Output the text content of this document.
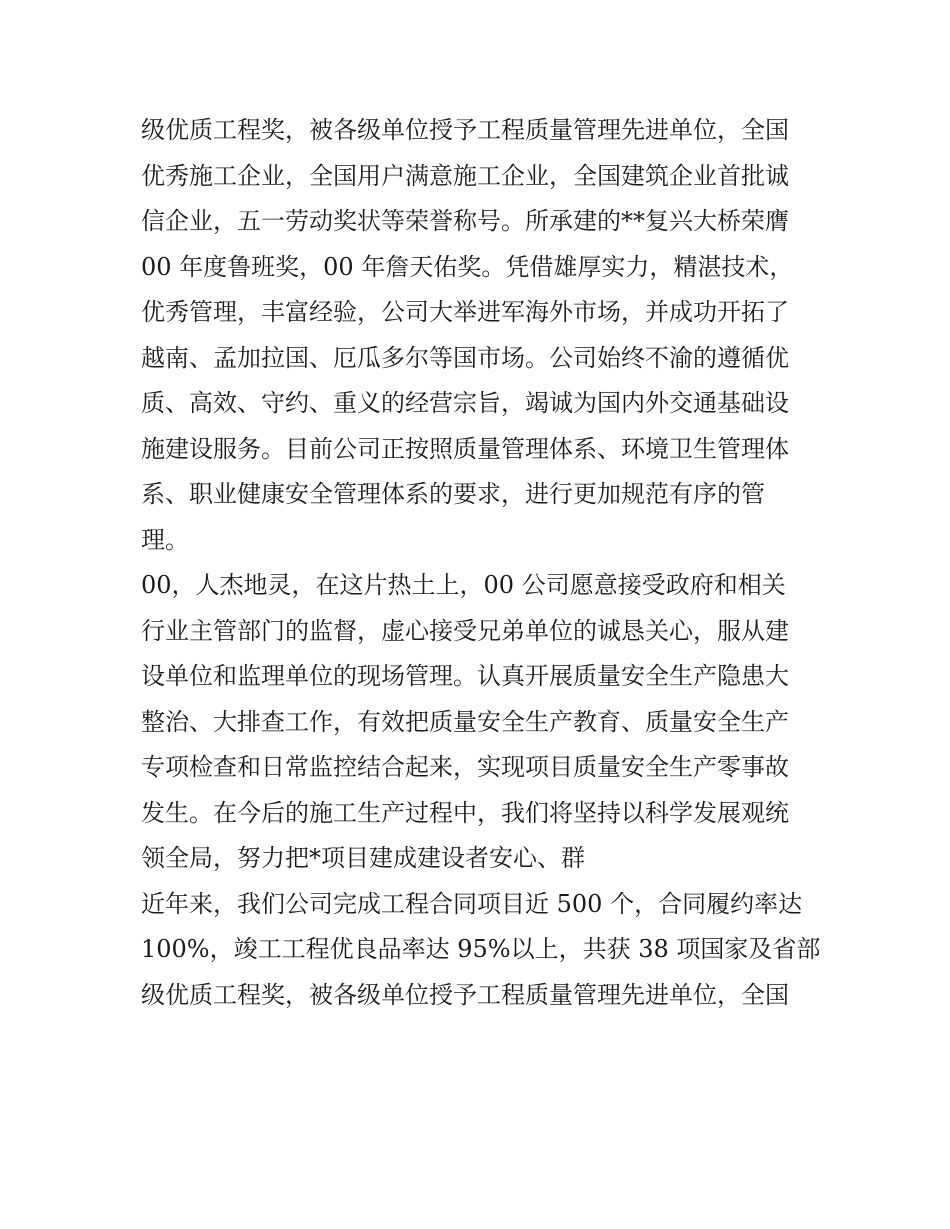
级优质工程奖，被各级单位授予工程质量管理先进单位，全国
优秀施工企业，全国用户满意施工企业，全国建筑企业首批诚
信企业，五一劳动奖状等荣誉称号。所承建的**复兴大桥荣膺
00 年度鲁班奖，00 年詹天佑奖。凭借雄厚实力，精湛技术，
优秀管理，丰富经验，公司大举进军海外市场，并成功开拓了
越南、孟加拉国、厄瓜多尔等国市场。公司始终不渝的遵循优
质、高效、守约、重义的经营宗旨，竭诚为国内外交通基础设
施建设服务。目前公司正按照质量管理体系、环境卫生管理体
系、职业健康安全管理体系的要求，进行更加规范有序的管
理。
00，人杰地灵，在这片热土上，00 公司愿意接受政府和相关
行业主管部门的监督，虚心接受兄弟单位的诚恳关心，服从建
设单位和监理单位的现场管理。认真开展质量安全生产隐患大
整治、大排查工作，有效把质量安全生产教育、质量安全生产
专项检查和日常监控结合起来，实现项目质量安全生产零事故
发生。在今后的施工生产过程中，我们将坚持以科学发展观统
领全局，努力把*项目建成建设者安心、群
近年来，我们公司完成工程合同项目近 500 个，合同履约率达
100%，竣工工程优良品率达 95%以上，共获 38 项国家及省部
级优质工程奖，被各级单位授予工程质量管理先进单位，全国
